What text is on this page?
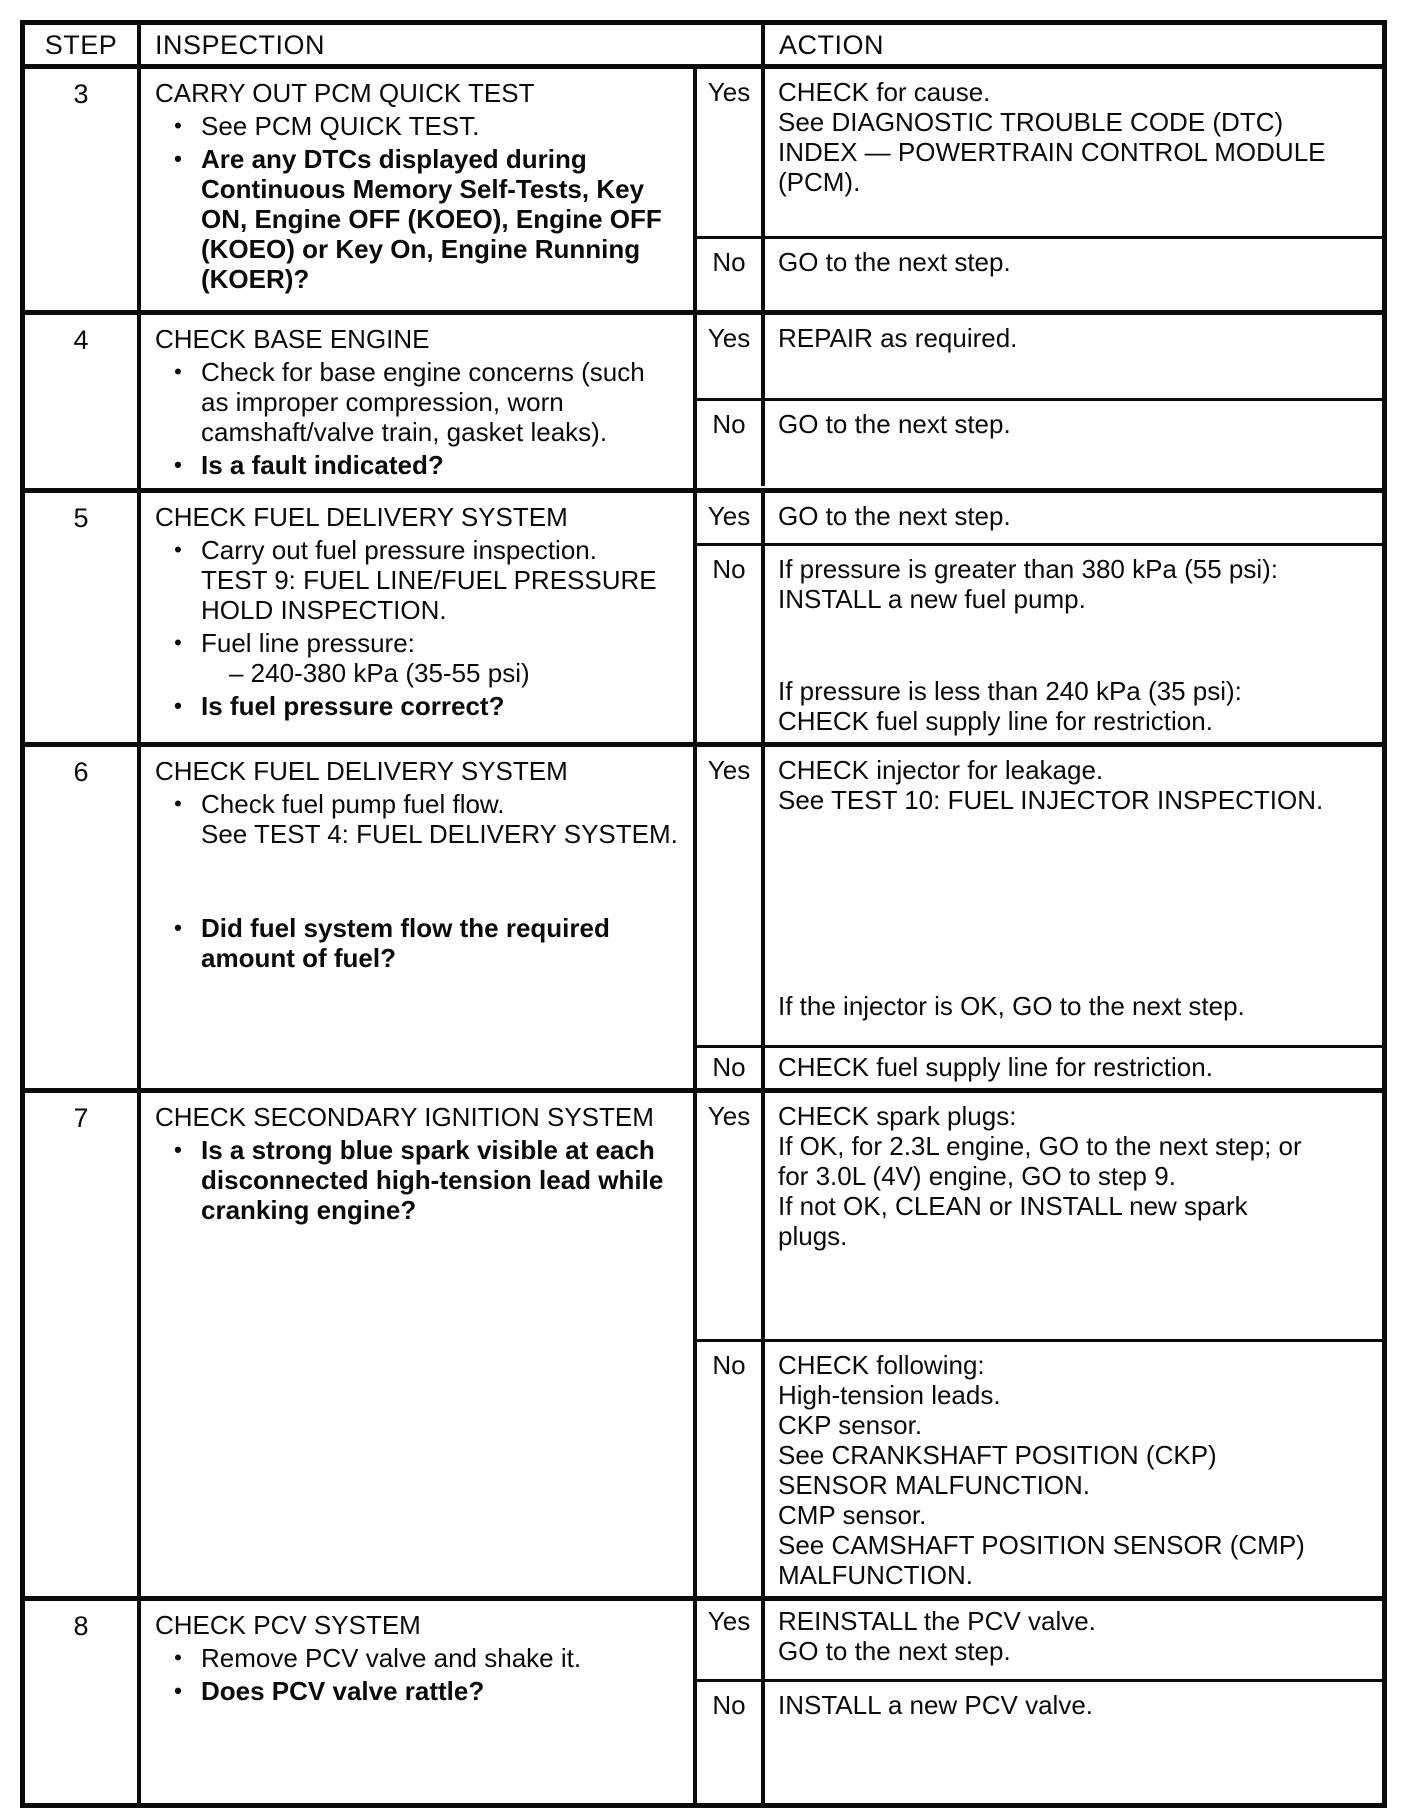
STEP	INSPECTION	ACTION
3	CARRY OUT PCM QUICK TEST
• See PCM QUICK TEST.
• Are any DTCs displayed during
Continuous Memory Self-Tests, Key
ON, Engine OFF (KOEO), Engine OFF
(KOEO) or Key On, Engine Running
(KOER)?
Yes	CHECK for cause.
See DIAGNOSTIC TROUBLE CODE (DTC)
INDEX — POWERTRAIN CONTROL MODULE
(PCM).
No	GO to the next step.
4	CHECK BASE ENGINE
• Check for base engine concerns (such
as improper compression, worn
camshaft/valve train, gasket leaks).
• Is a fault indicated?
Yes	REPAIR as required.
No	GO to the next step.
5	CHECK FUEL DELIVERY SYSTEM
• Carry out fuel pressure inspection.
TEST 9: FUEL LINE/FUEL PRESSURE
HOLD INSPECTION.
• Fuel line pressure:
– 240-380 kPa (35-55 psi)
• Is fuel pressure correct?
Yes	GO to the next step.
No	If pressure is greater than 380 kPa (55 psi):
INSTALL a new fuel pump.
If pressure is less than 240 kPa (35 psi):
CHECK fuel supply line for restriction.
6	CHECK FUEL DELIVERY SYSTEM
• Check fuel pump fuel flow.
See TEST 4: FUEL DELIVERY SYSTEM.
• Did fuel system flow the required
amount of fuel?
Yes	CHECK injector for leakage.
See TEST 10: FUEL INJECTOR INSPECTION.
If the injector is OK, GO to the next step.
No	CHECK fuel supply line for restriction.
7	CHECK SECONDARY IGNITION SYSTEM
• Is a strong blue spark visible at each
disconnected high-tension lead while
cranking engine?
Yes	CHECK spark plugs:
If OK, for 2.3L engine, GO to the next step; or
for 3.0L (4V) engine, GO to step 9.
If not OK, CLEAN or INSTALL new spark
plugs.
No	CHECK following:
High-tension leads.
CKP sensor.
See CRANKSHAFT POSITION (CKP)
SENSOR MALFUNCTION.
CMP sensor.
See CAMSHAFT POSITION SENSOR (CMP)
MALFUNCTION.
8	CHECK PCV SYSTEM
• Remove PCV valve and shake it.
• Does PCV valve rattle?
Yes	REINSTALL the PCV valve.
GO to the next step.
No	INSTALL a new PCV valve.
